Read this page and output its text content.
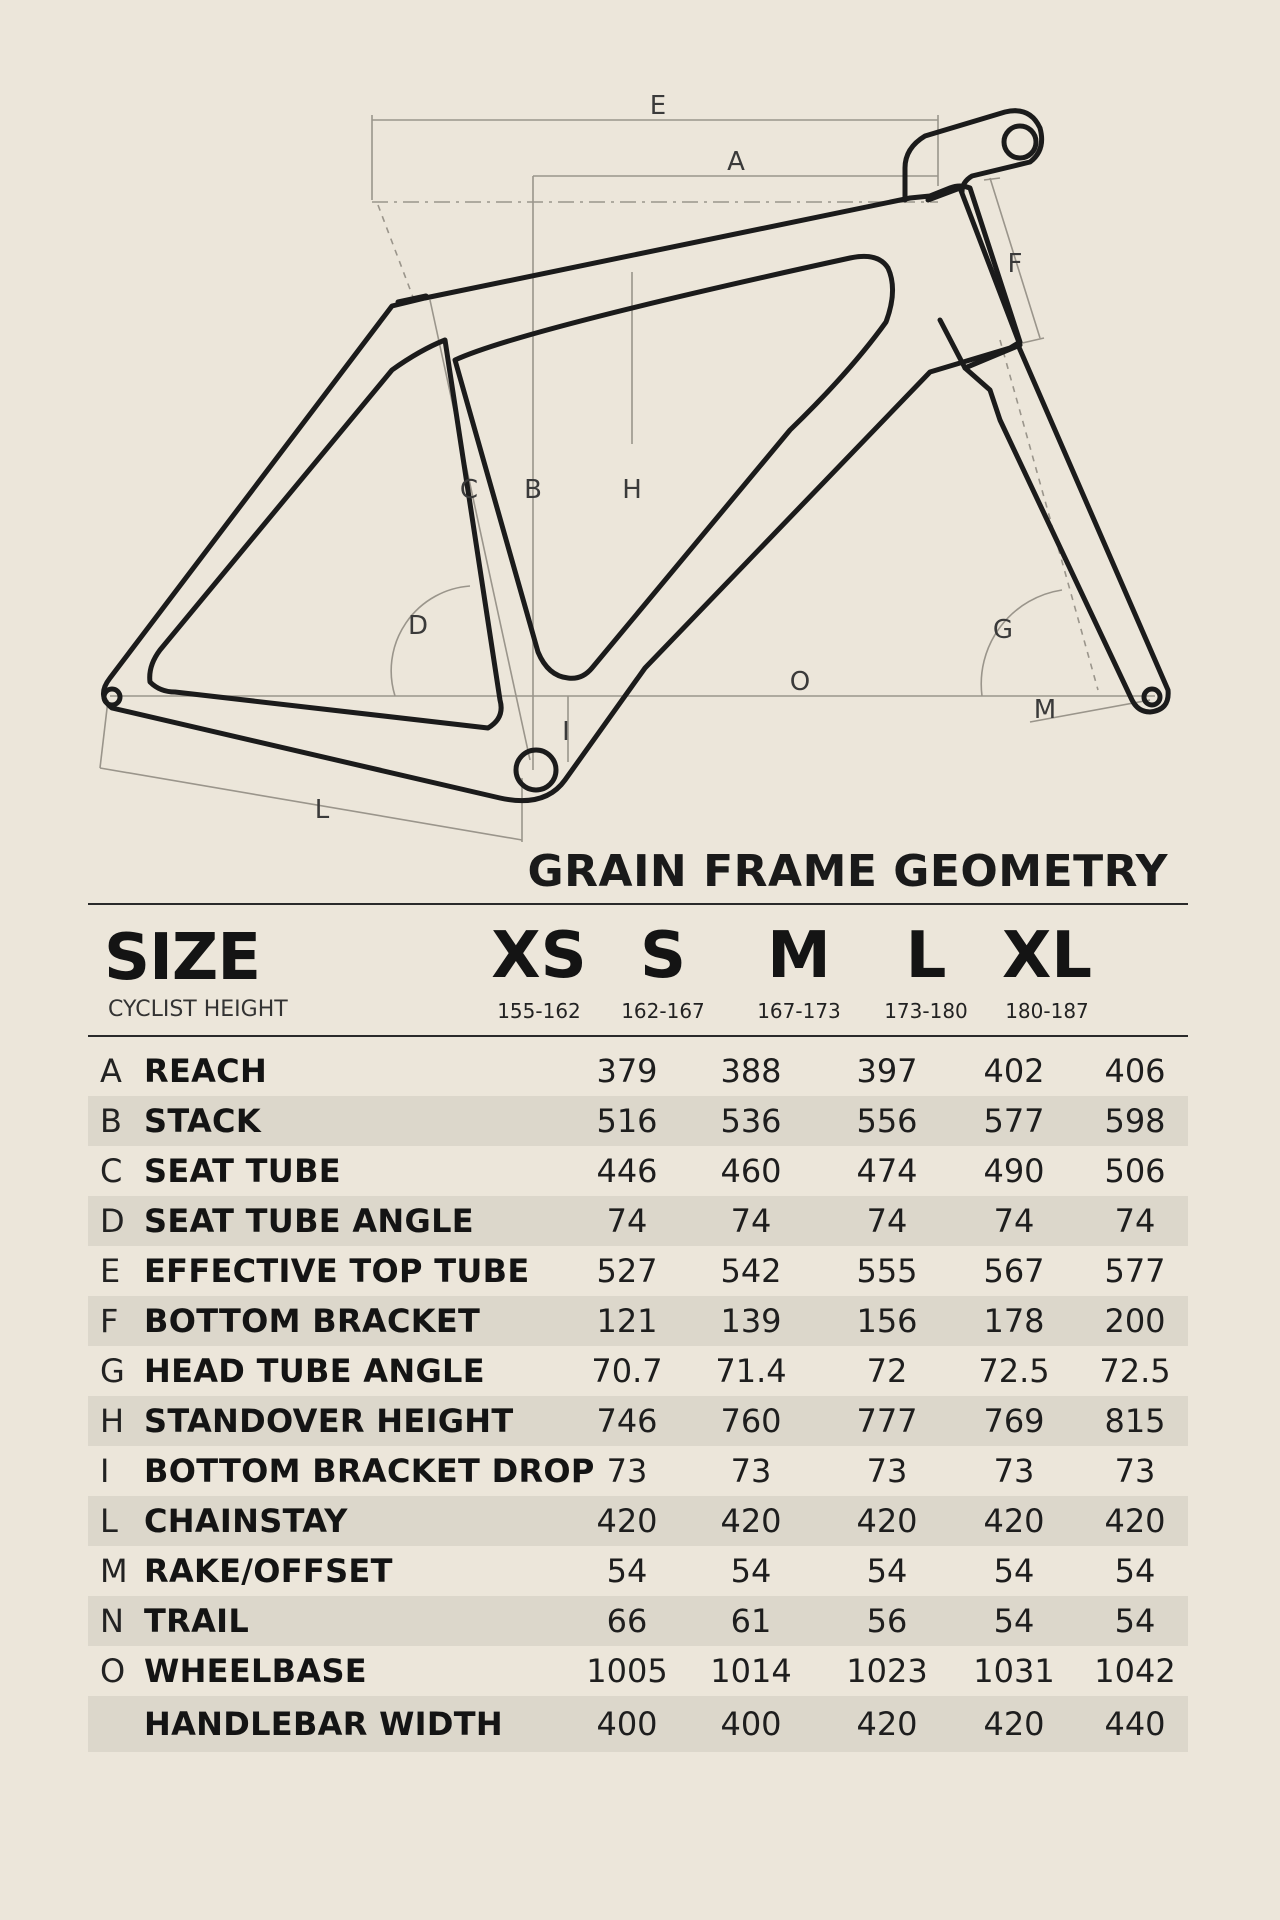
E
A
F
C B	H
D	G
O
M
I
L
GRAIN FRAME GEOMETRY
SIZE
CYCLIST HEIGHT
XS
155-162
S
162-167
M
167-173
L
173-180
XL
180-187
A REACH	379	388	397	402	406
B STACK	516	536	556	577	598
C SEAT TUBE	446	460	474	490	506
D SEAT TUBE ANGLE	74	74	74	74	74
E EFFECTIVE TOP TUBE	527	542	555	567	577
F BOTTOM BRACKET	121	139	156	178	200
G HEAD TUBE ANGLE	70.7	71.4	72	72.5	72.5
H STANDOVER HEIGHT	746	760	777	769	815
I BOTTOM BRACKET DROP 73	73	73	73	73
L CHAINSTAY	420	420	420	420	420
M RAKE/OFFSET	54	54	54	54	54
N TRAIL	66	61	56	54	54
O WHEELBASE	1005	1014	1023	1031	1042
HANDLEBAR WIDTH	400	400	420	420	440
